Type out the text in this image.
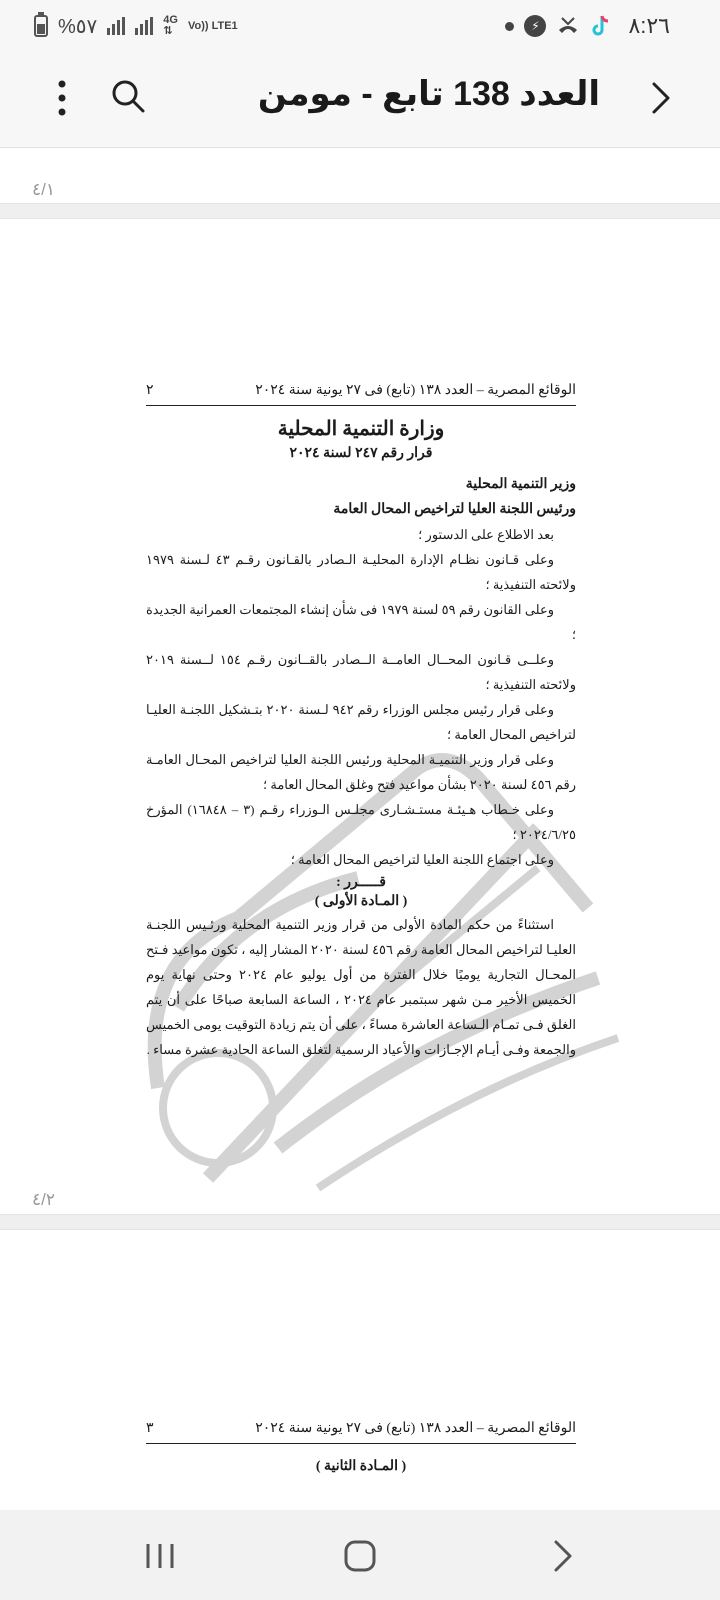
%٥٧	4G
⇅	Vo)) LTE1	⚡	٨:٢٦
العدد 138 تابع - مومن
٤/١
الوقائع المصرية – العدد ١٣٨ (تابع) فى ٢٧ يونية سنة ٢٠٢٤
٢
وزارة التنمية المحلية
قرار رقم ٢٤٧ لسنة ٢٠٢٤
وزير التنمية المحلية
ورئيس اللجنة العليا لتراخيص المحال العامة
بعد الاطلاع على الدستور ؛
وعلى قـانون نظـام الإدارة المحليـة الـصادر بالقـانون رقـم ٤٣ لـسنة ١٩٧٩ ولائحته التنفيذية ؛
وعلى القانون رقم ٥٩ لسنة ١٩٧٩ فى شأن إنشاء المجتمعات العمرانية الجديدة ؛
وعلــى قـانون المحــال العامــة الــصادر بالقــانون رقـم ١٥٤ لــسنة ٢٠١٩ ولائحته التنفيذية ؛
وعلى قرار رئيس مجلس الوزراء رقم ٩٤٢ لـسنة ٢٠٢٠ بتـشكيل اللجنـة العليـا لتراخيص المحال العامة ؛
وعلى قرار وزير التنميـة المحلية ورئيس اللجنة العليا لتراخيص المحـال العامـة رقم ٤٥٦ لسنة ٢٠٢٠ بشأن مواعيد فتح وغلق المحال العامة ؛
وعلى خـطاب هـيئـة مستـشـارى مجلـس الـوزراء رقـم (٣ – ١٦٨٤٨) المؤرخ ٢٠٢٤/٦/٢٥ ؛
وعلى اجتماع اللجنة العليا لتراخيص المحال العامة ؛
قـــــرر :
( المـادة الأولى )
استثناءً من حكم المادة الأولى من قرار وزير التنمية المحلية ورئـيس اللجنـة العليـا لتراخيص المحال العامة رقم ٤٥٦ لسنة ٢٠٢٠ المشار إليه ، تكون مواعيد فـتح المحـال التجارية يوميًا خلال الفترة من أول يوليو عام ٢٠٢٤ وحتى نهاية يوم الخميس الأخير مـن شهر سبتمبر عام ٢٠٢٤ ، الساعة السابعة صباحًا على أن يتم الغلق فـى تمـام الـساعة العاشرة مساءً ، على أن يتم زيادة التوقيت يومى الخميس والجمعة وفـى أيـام الإجـازات والأعياد الرسمية لتغلق الساعة الحادية عشرة مساء .
٤/٢
الوقائع المصرية – العدد ١٣٨ (تابع) فى ٢٧ يونية سنة ٢٠٢٤
٣
( المـادة الثانية )
